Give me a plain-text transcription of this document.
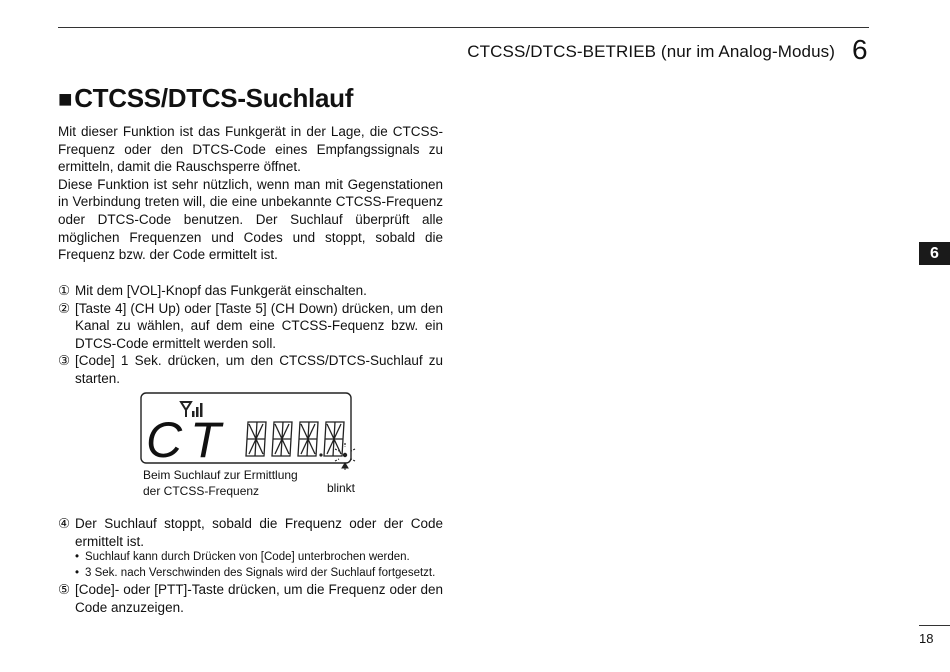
CTCSS/DTCS-BETRIEB (nur im Analog-Modus) 6
■CTCSS/DTCS-Suchlauf

Mit dieser Funktion ist das Funkgerät in der Lage, die CTCSS-Frequenz oder den DTCS-Code eines Empfangssignals zu ermitteln, damit die Rauschsperre öffnet.

Diese Funktion ist sehr nützlich, wenn man mit Gegenstationen in Verbindung treten will, die eine unbekannte CTCSS-Frequenz oder DTCS-Code benutzen. Der Suchlauf überprüft alle möglichen Frequenzen und Codes und stoppt, sobald die Frequenz bzw. der Code ermittelt ist.

① Mit dem [VOL]-Knopf das Funkgerät einschalten.
② [Taste 4] (CH Up) oder [Taste 5] (CH Down) drücken, um den Kanal zu wählen, auf dem eine CTCSS-Fequenz bzw. ein DTCS-Code ermittelt werden soll.
③ [Code] 1 Sek. drücken, um den CTCSS/DTCS-Suchlauf zu starten.
CT
Beim Suchlauf zur Ermittlung
der CTCSS-Frequenz	blinkt
④ Der Suchlauf stoppt, sobald die Frequenz oder der Code ermittelt ist.
• Suchlauf kann durch Drücken von [Code] unterbrochen werden.
• 3 Sek. nach Verschwinden des Signals wird der Suchlauf fortgesetzt.
⑤ [Code]- oder [PTT]-Taste drücken, um die Frequenz oder den Code anzuzeigen.
6
18
